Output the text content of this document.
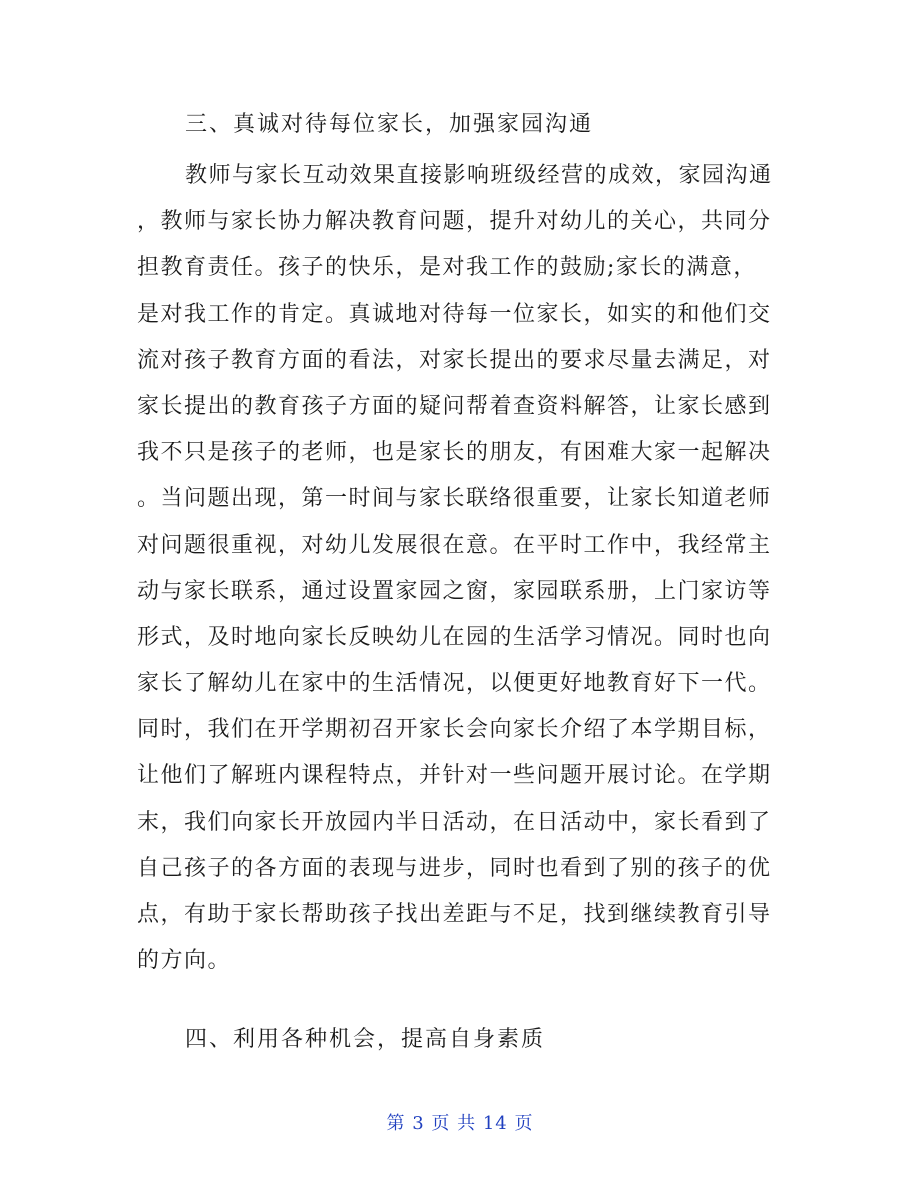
三、真诚对待每位家长，加强家园沟通
教师与家长互动效果直接影响班级经营的成效，家园沟通
，教师与家长协力解决教育问题，提升对幼儿的关心，共同分
担教育责任。孩子的快乐，是对我工作的鼓励;家长的满意，
是对我工作的肯定。真诚地对待每一位家长，如实的和他们交
流对孩子教育方面的看法，对家长提出的要求尽量去满足，对
家长提出的教育孩子方面的疑问帮着查资料解答，让家长感到
我不只是孩子的老师，也是家长的朋友，有困难大家一起解决
。当问题出现，第一时间与家长联络很重要，让家长知道老师
对问题很重视，对幼儿发展很在意。在平时工作中，我经常主
动与家长联系，通过设置家园之窗，家园联系册，上门家访等
形式，及时地向家长反映幼儿在园的生活学习情况。同时也向
家长了解幼儿在家中的生活情况，以便更好地教育好下一代。
同时，我们在开学期初召开家长会向家长介绍了本学期目标，
让他们了解班内课程特点，并针对一些问题开展讨论。在学期
末，我们向家长开放园内半日活动，在日活动中，家长看到了
自己孩子的各方面的表现与进步，同时也看到了别的孩子的优
点，有助于家长帮助孩子找出差距与不足，找到继续教育引导
的方向。
四、利用各种机会，提高自身素质
第 3 页 共 14 页
